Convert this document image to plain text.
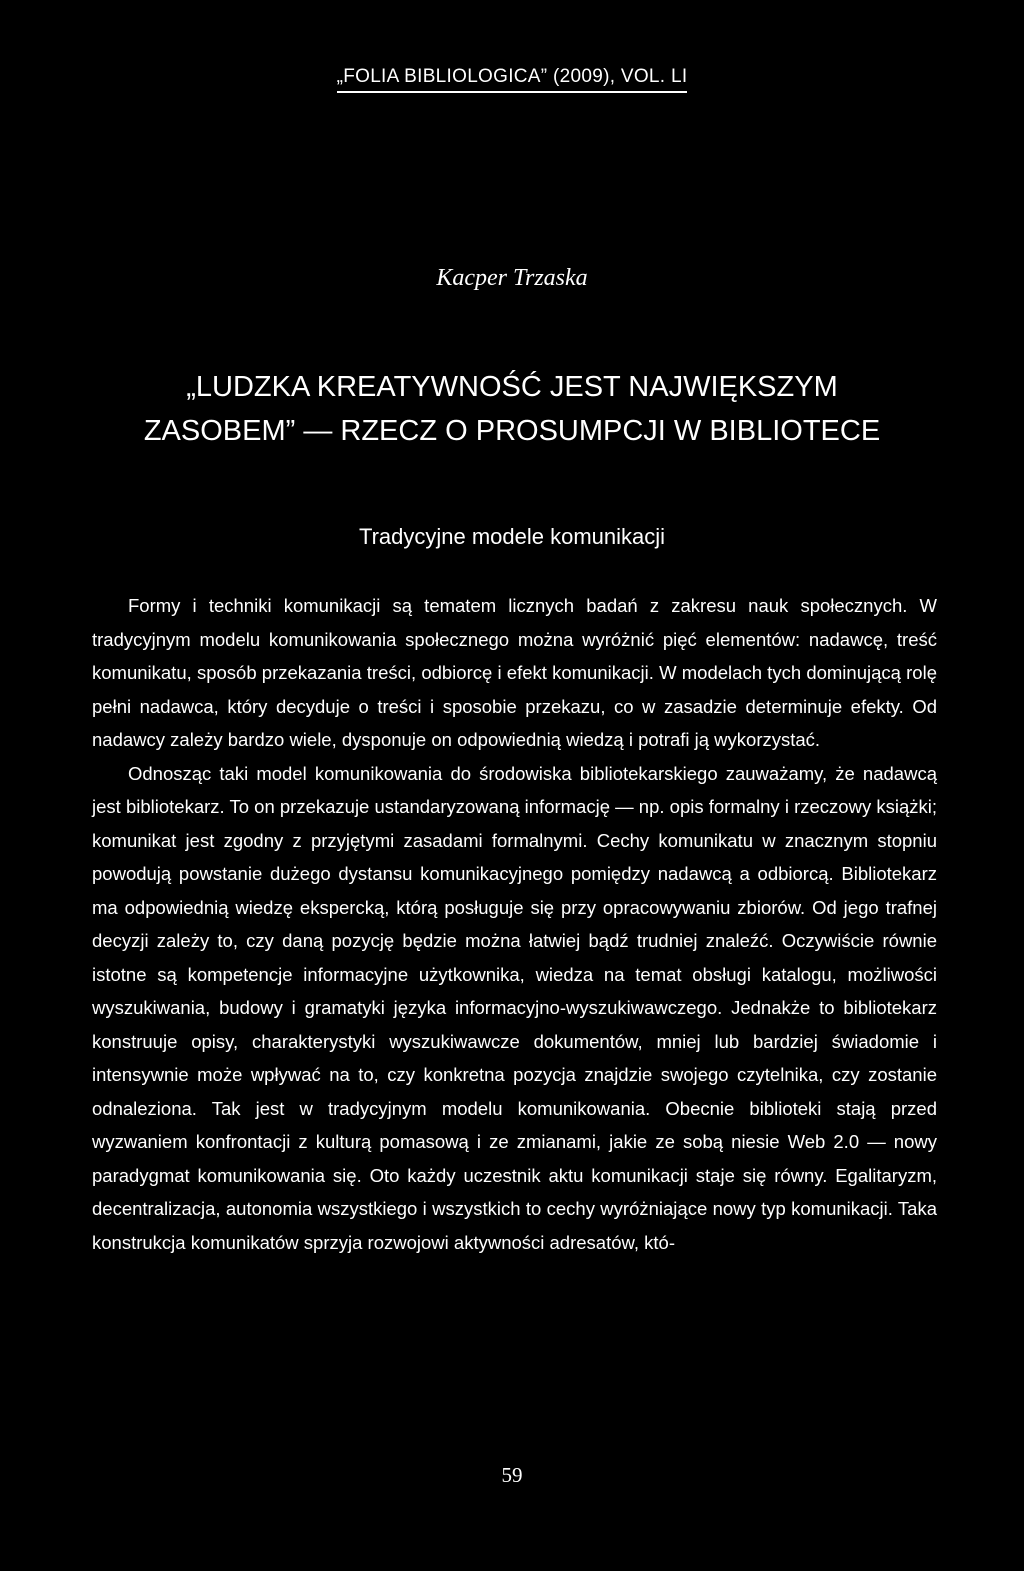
„FOLIA BIBLIOLOGICA” (2009), VOL. LI
Kacper Trzaska
„LUDZKA KREATYWNOŚĆ JEST NAJWIĘKSZYM
ZASOBEM” — RZECZ O PROSUMPCJI W BIBLIOTECE
Tradycyjne modele komunikacji

Formy i techniki komunikacji są tematem licznych badań z zakresu nauk społecznych. W tradycyjnym modelu komunikowania społecznego można wyróżnić pięć elementów: nadawcę, treść komunikatu, sposób przekazania treści, odbiorcę i efekt komunikacji. W modelach tych dominującą rolę pełni nadawca, który decyduje o treści i sposobie przekazu, co w zasadzie determinuje efekty. Od nadawcy zależy bardzo wiele, dysponuje on odpowiednią wiedzą i potrafi ją wykorzystać.

Odnosząc taki model komunikowania do środowiska bibliotekarskiego zauważamy, że nadawcą jest bibliotekarz. To on przekazuje ustandaryzowaną informację — np. opis formalny i rzeczowy książki; komunikat jest zgodny z przyjętymi zasadami formalnymi. Cechy komunikatu w znacznym stopniu powodują powstanie dużego dystansu komunikacyjnego pomiędzy nadawcą a odbiorcą. Bibliotekarz ma odpowiednią wiedzę ekspercką, którą posługuje się przy opracowywaniu zbiorów. Od jego trafnej decyzji zależy to, czy daną pozycję będzie można łatwiej bądź trudniej znaleźć. Oczywiście równie istotne są kompetencje informacyjne użytkownika, wiedza na temat obsługi katalogu, możliwości wyszukiwania, budowy i gramatyki języka informacyjno-wyszukiwawczego. Jednakże to bibliotekarz konstruuje opisy, charakterystyki wyszukiwawcze dokumentów, mniej lub bardziej świadomie i intensywnie może wpływać na to, czy konkretna pozycja znajdzie swojego czytelnika, czy zostanie odnaleziona. Tak jest w tradycyjnym modelu komunikowania. Obecnie biblioteki stają przed wyzwaniem konfrontacji z kulturą pomasową i ze zmianami, jakie ze sobą niesie Web 2.0 — nowy paradygmat komunikowania się. Oto każdy uczestnik aktu komunikacji staje się równy. Egalitaryzm, decentralizacja, autonomia wszystkiego i wszystkich to cechy wyróżniające nowy typ komunikacji. Taka konstrukcja komunikatów sprzyja rozwojowi aktywności adresatów, któ-

59
